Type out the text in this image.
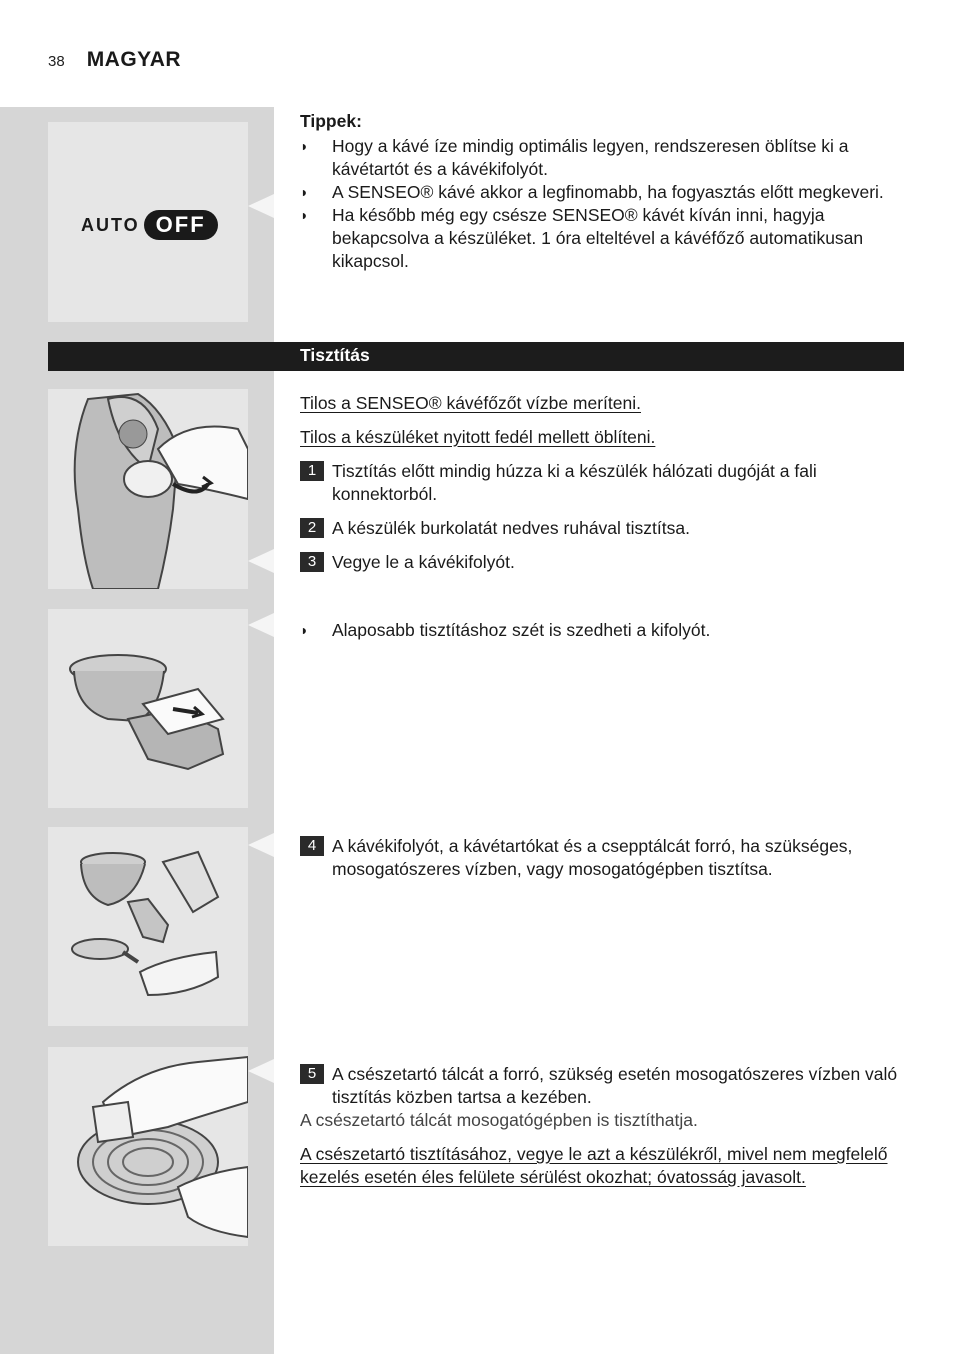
38 MAGYAR
AUTO OFF

Tippek:

◗ Hogy a kávé íze mindig optimális legyen, rendszeresen öblítse ki a kávétartót és a kávékifolyót.
◗ A SENSEO® kávé akkor a legfinomabb, ha fogyasztás előtt megkeveri.
◗ Ha később még egy csésze SENSEO® kávét kíván inni, hagyja bekapcsolva a készüléket. 1 óra elteltével a kávéfőző automatikusan kikapcsol.
Tisztítás

Tilos a SENSEO® kávéfőzőt vízbe meríteni.

Tilos a készüléket nyitott fedél mellett öblíteni.

1 Tisztítás előtt mindig húzza ki a készülék hálózati dugóját a fali konnektorból.
2 A készülék burkolatát nedves ruhával tisztítsa.
3 Vegye le a kávékifolyót.
◗ Alaposabb tisztításhoz szét is szedheti a kifolyót.
4 A kávékifolyót, a kávétartókat és a csepptálcát forró, ha szükséges, mosogatószeres vízben, vagy mosogatógépben tisztítsa.
5 A csészetartó tálcát a forró, szükség esetén mosogatószeres vízben való tisztítás közben tartsa a kezében.

A csészetartó tálcát mosogatógépben is tisztíthatja.

A csészetartó tisztításához, vegye le azt a készülékről, mivel nem megfelelő kezelés esetén éles felülete sérülést okozhat; óvatosság javasolt.
